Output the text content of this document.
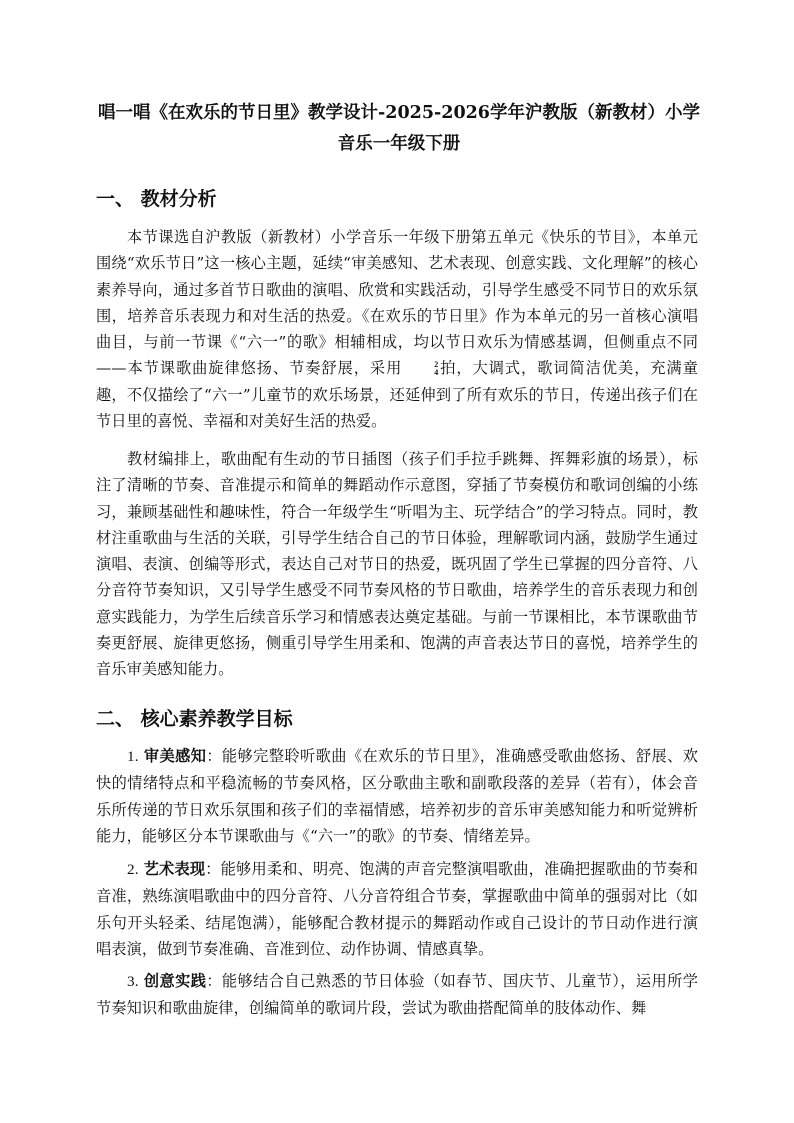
唱一唱《在欢乐的节日里》教学设计-2025-2026学年沪教版（新教材）小学音乐一年级下册
一、 教材分析

本节课选自沪教版（新教材）小学音乐一年级下册第五单元《快乐的节目》，本单元围绕“欢乐节日”这一核心主题，延续“审美感知、艺术表现、创意实践、文化理解”的核心素养导向，通过多首节日歌曲的演唱、欣赏和实践活动，引导学生感受不同节日的欢乐氛围，培养音乐表现力和对生活的热爱。《在欢乐的节日里》作为本单元的另一首核心演唱曲目，与前一节课《“六一”的歌》相辅相成，均以节日欢乐为情感基调，但侧重点不同——本节课歌曲旋律悠扬、节奏舒展，采用	2
4 拍，大调式，歌词简洁优美，充满童趣，不仅描绘了“六一”儿童节的欢乐场景，还延伸到了所有欢乐的节日，传递出孩子们在节日里的喜悦、幸福和对美好生活的热爱。

教材编排上，歌曲配有生动的节日插图（孩子们手拉手跳舞、挥舞彩旗的场景），标注了清晰的节奏、音准提示和简单的舞蹈动作示意图，穿插了节奏模仿和歌词创编的小练习，兼顾基础性和趣味性，符合一年级学生“听唱为主、玩学结合”的学习特点。同时，教材注重歌曲与生活的关联，引导学生结合自己的节日体验，理解歌词内涵，鼓励学生通过演唱、表演、创编等形式，表达自己对节日的热爱，既巩固了学生已掌握的四分音符、八分音符节奏知识，又引导学生感受不同节奏风格的节日歌曲，培养学生的音乐表现力和创意实践能力，为学生后续音乐学习和情感表达奠定基础。与前一节课相比，本节课歌曲节奏更舒展、旋律更悠扬，侧重引导学生用柔和、饱满的声音表达节日的喜悦，培养学生的音乐审美感知能力。

二、 核心素养教学目标

1. 审美感知：能够完整聆听歌曲《在欢乐的节日里》，准确感受歌曲悠扬、舒展、欢快的情绪特点和平稳流畅的节奏风格，区分歌曲主歌和副歌段落的差异（若有），体会音乐所传递的节日欢乐氛围和孩子们的幸福情感，培养初步的音乐审美感知能力和听觉辨析能力，能够区分本节课歌曲与《“六一”的歌》的节奏、情绪差异。

2. 艺术表现：能够用柔和、明亮、饱满的声音完整演唱歌曲，准确把握歌曲的节奏和音准，熟练演唱歌曲中的四分音符、八分音符组合节奏，掌握歌曲中简单的强弱对比（如乐句开头轻柔、结尾饱满），能够配合教材提示的舞蹈动作或自己设计的节日动作进行演唱表演，做到节奏准确、音准到位、动作协调、情感真挚。

3. 创意实践：能够结合自己熟悉的节日体验（如春节、国庆节、儿童节），运用所学节奏知识和歌曲旋律，创编简单的歌词片段，尝试为歌曲搭配简单的肢体动作、舞
